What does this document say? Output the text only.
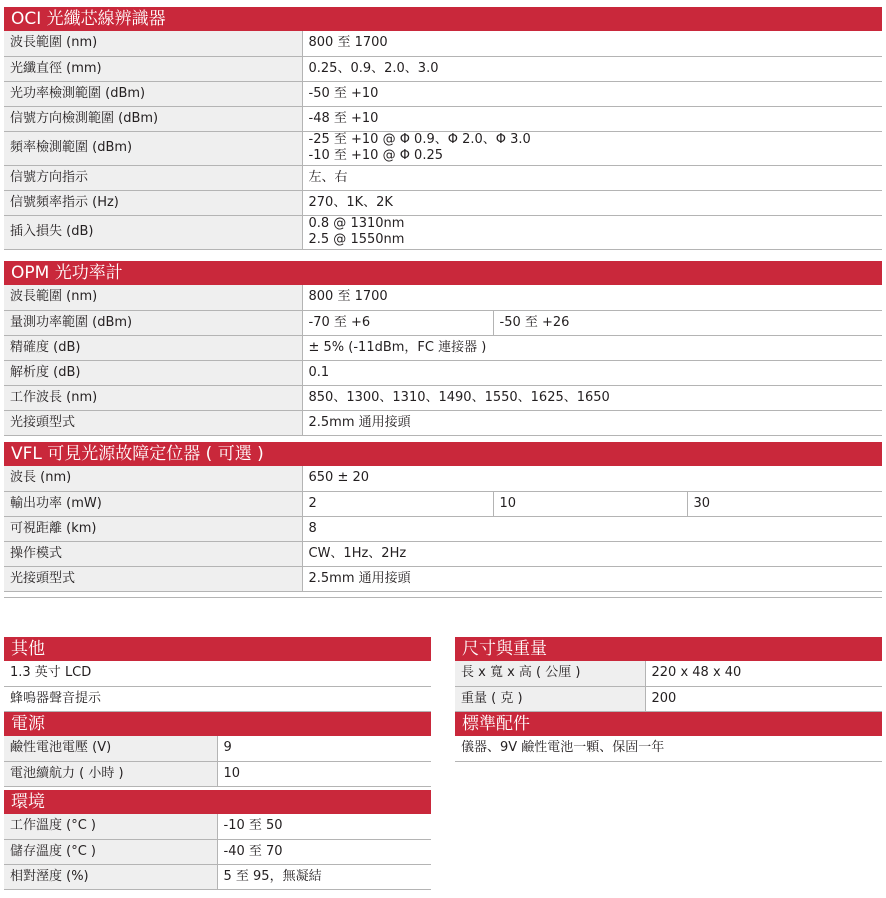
OCI 光纖芯線辨識器
波長範圍 (nm)	800 至 1700
光纖直徑 (mm)	0.25、0.9、2.0、3.0
光功率檢測範圍 (dBm)	-50 至 +10
信號方向檢測範圍 (dBm)	-48 至 +10
頻率檢測範圍 (dBm)	-25 至 +10 @ Φ 0.9、Φ 2.0、Φ 3.0
-10 至 +10 @ Φ 0.25

信號方向指示	左、右
信號頻率指示 (Hz)	270、1K、2K
插入損失 (dB)	0.8 @ 1310nm
2.5 @ 1550nm
OPM 光功率計
波長範圍 (nm)	800 至 1700	
量測功率範圍 (dBm)	-70 至 +6	-50 至 +26
精確度 (dB)	± 5% (-11dBm，FC 連接器 )	
解析度 (dB)	0.1	
工作波長 (nm)	850、1300、1310、1490、1550、1625、1650	
光接頭型式	2.5mm 通用接頭	
VFL 可見光源故障定位器 ( 可選 )
波長 (nm)	650 ± 20		
輸出功率 (mW)	2	10	30
可視距離 (km)	8		
操作模式	CW、1Hz、2Hz		
光接頭型式	2.5mm 通用接頭		
其他
1.3 英寸 LCD
蜂鳴器聲音提示
電源
鹼性電池電壓 (V)	9
電池續航力 ( 小時 )	10
環境
工作溫度 (°C )	-10 至 50
儲存溫度 (°C )	-40 至 70
相對溼度 (%)	5 至 95，無凝結
尺寸與重量
長 x 寬 x 高 ( 公厘 )	220 x 48 x 40
重量 ( 克 )	200
標準配件
儀器、9V 鹼性電池一顆、保固一年
